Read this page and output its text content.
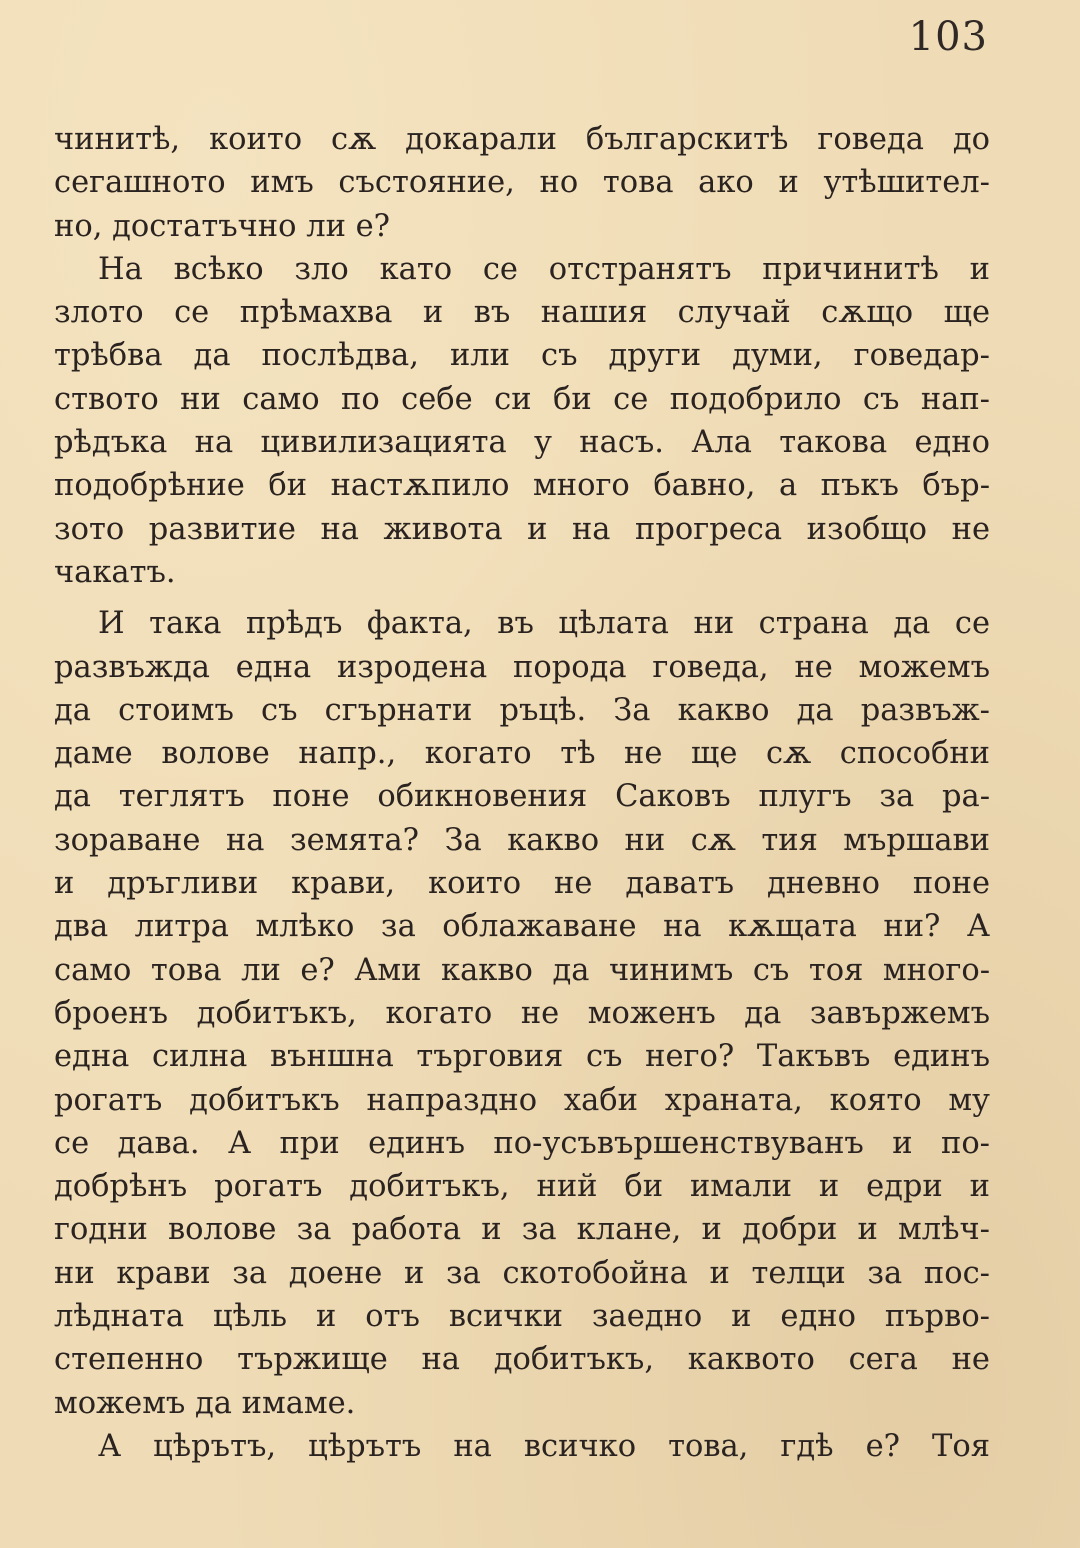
103
чинитѣ, които сѫ докарали българскитѣ говеда до
сегашното имъ състояние, но това ако и утѣшител-
но, достатъчно ли е?
На всѣко зло като се отстранятъ причинитѣ и
злото се прѣмахва и въ нашия случай сѫщо ще
трѣбва да послѣдва, или съ други думи, говедар-
ството ни само по себе си би се подобрило съ нап-
рѣдъка на цивилизацията у насъ. Ала такова едно
подобрѣние би настѫпило много бавно, а пъкъ бър-
зото развитие на живота и на прогреса изобщо не
чакатъ.
И така прѣдъ факта, въ цѣлата ни страна да се
развъжда една изродена порода говеда, не можемъ
да стоимъ съ сгърнати ръцѣ. За какво да развъж-
даме волове напр., когато тѣ не ще сѫ способни
да теглятъ поне обикновения Саковъ плугъ за ра-
зораване на земята? За какво ни сѫ тия мършави
и дръгливи крави, които не даватъ дневно поне
два литра млѣко за облажаване на кѫщата ни? А
само това ли е? Ами какво да чинимъ съ тоя много-
броенъ добитъкъ, когато не моженъ да завържемъ
една силна външна търговия съ него? Такъвъ единъ
рогатъ добитъкъ напраздно хаби храната, която му
се дава. А при единъ по-усъвършенствуванъ и по-
добрѣнъ рогатъ добитъкъ, ний би имали и едри и
годни волове за работа и за клане, и добри и млѣч-
ни крави за доене и за скотобойна и телци за пос-
лѣдната цѣль и отъ всички заедно и едно първо-
степенно тържище на добитъкъ, каквото сега не
можемъ да имаме.
А цѣрътъ, цѣрътъ на всичко това, гдѣ е? Тоя
